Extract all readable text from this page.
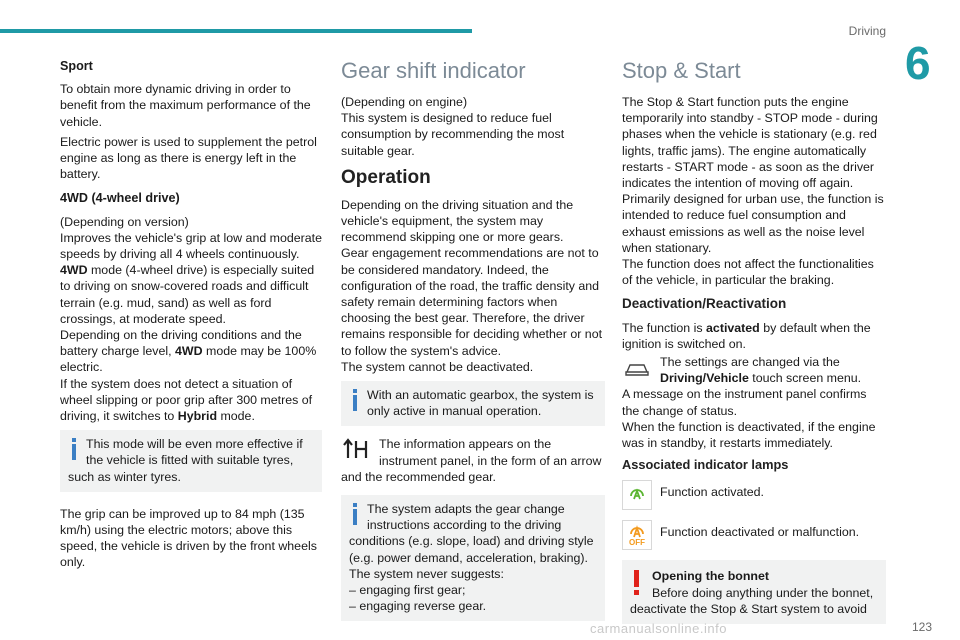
Driving
6
Sport

To obtain more dynamic driving in order to benefit from the maximum performance of the vehicle.

Electric power is used to supplement the petrol engine as long as there is energy left in the battery.

4WD (4-wheel drive)

(Depending on version)

Improves the vehicle's grip at low and moderate speeds by driving all 4 wheels continuously.

4WD mode (4-wheel drive) is especially suited to driving on snow-covered roads and difficult terrain (e.g. mud, sand) as well as ford crossings, at moderate speed.

Depending on the driving conditions and the battery charge level, 4WD mode may be 100% electric.

If the system does not detect a situation of wheel slipping or poor grip after 300 metres of driving, it switches to Hybrid mode.

This mode will be even more effective if the vehicle is fitted with suitable tyres, such as winter tyres.

The grip can be improved up to 84 mph (135 km/h) using the electric motors; above this speed, the vehicle is driven by the front wheels only.

Gear shift indicator

(Depending on engine)

This system is designed to reduce fuel consumption by recommending the most suitable gear.

Operation

Depending on the driving situation and the vehicle's equipment, the system may recommend skipping one or more gears.

Gear engagement recommendations are not to be considered mandatory. Indeed, the configuration of the road, the traffic density and safety remain determining factors when choosing the best gear. Therefore, the driver remains responsible for deciding whether or not to follow the system's advice.

The system cannot be deactivated.

With an automatic gearbox, the system is only active in manual operation.
The information appears on the instrument panel, in the form of an arrow and the recommended gear.
The system adapts the gear change instructions according to the driving conditions (e.g. slope, load) and driving style (e.g. power demand, acceleration, braking).

The system never suggests:

– engaging first gear;
– engaging reverse gear.
Stop & Start

The Stop & Start function puts the engine temporarily into standby - STOP mode - during phases when the vehicle is stationary (e.g. red lights, traffic jams). The engine automatically restarts - START mode - as soon as the driver indicates the intention of moving off again.

Primarily designed for urban use, the function is intended to reduce fuel consumption and exhaust emissions as well as the noise level when stationary.

The function does not affect the functionalities of the vehicle, in particular the braking.

Deactivation/Reactivation

The function is activated by default when the ignition is switched on.

The settings are changed via the Driving/Vehicle touch screen menu.

A message on the instrument panel confirms the change of status.

When the function is deactivated, if the engine was in standby, it restarts immediately.

Associated indicator lamps

Function activated.

OFF

Function deactivated or malfunction.

Opening the bonnet

Before doing anything under the bonnet, deactivate the Stop & Start system to avoid
carmanualsonline.info	123
